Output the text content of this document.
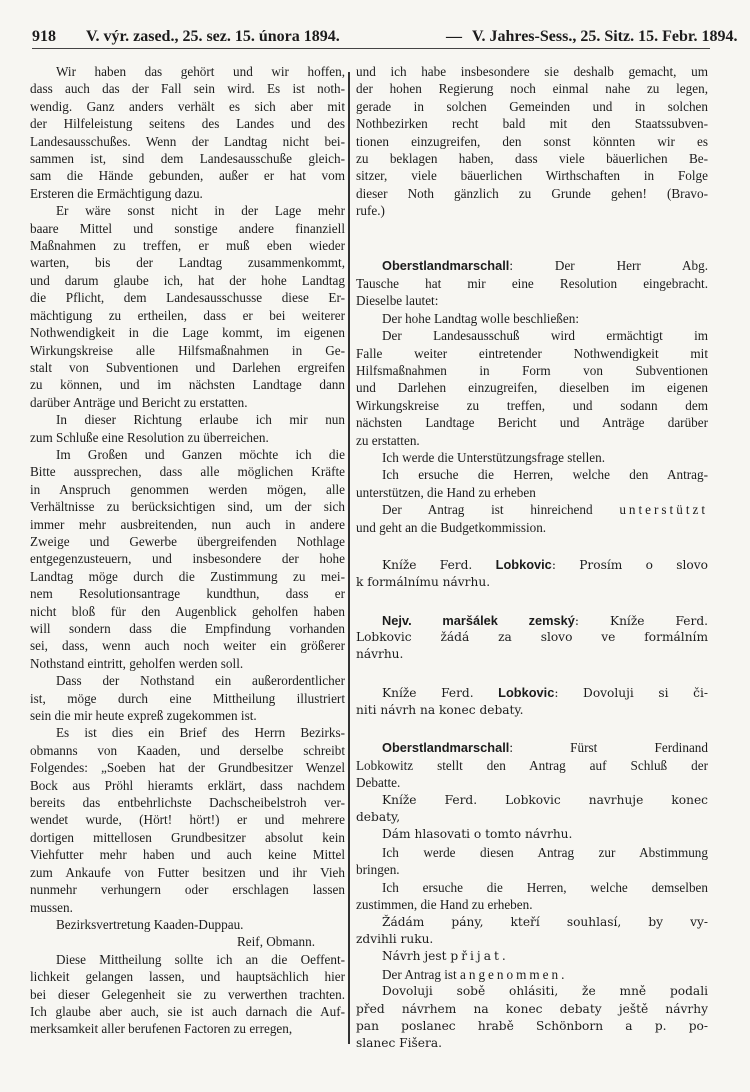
918 V. výr. zased., 25. sez. 15. února 1894.	— V. Jahres-Sess., 25. Sitz. 15. Febr. 1894.
Wir haben das gehört und wir hoffen,
dass auch das der Fall sein wird. Es ist noth-
wendig. Ganz anders verhält es sich aber mit
der Hilfeleistung seitens des Landes und des
Landesausschußes. Wenn der Landtag nicht bei-
sammen ist, sind dem Landesausschuße gleich-
sam die Hände gebunden, außer er hat vom
Ersteren die Ermächtigung dazu.
Er wäre sonst nicht in der Lage mehr
baare Mittel und sonstige andere finanziell
Maßnahmen zu treffen, er muß eben wieder
warten, bis der Landtag zusammenkommt,
und darum glaube ich, hat der hohe Landtag
die Pflicht, dem Landesausschusse diese Er-
mächtigung zu ertheilen, dass er bei weiterer
Nothwendigkeit in die Lage kommt, im eigenen
Wirkungskreise alle Hilfsmaßnahmen in Ge-
stalt von Subventionen und Darlehen ergreifen
zu können, und im nächsten Landtage dann
darüber Anträge und Bericht zu erstatten.
In dieser Richtung erlaube ich mir nun
zum Schluße eine Resolution zu überreichen.
Im Großen und Ganzen möchte ich die
Bitte aussprechen, dass alle möglichen Kräfte
in Anspruch genommen werden mögen, alle
Verhältnisse zu berücksichtigen sind, um der sich
immer mehr ausbreitenden, nun auch in andere
Zweige und Gewerbe übergreifenden Nothlage
entgegenzusteuern, und insbesondere der hohe
Landtag möge durch die Zustimmung zu mei-
nem Resolutionsantrage kundthun, dass er
nicht bloß für den Augenblick geholfen haben
will sondern dass die Empfindung vorhanden
sei, dass, wenn auch noch weiter ein größerer
Nothstand eintritt, geholfen werden soll.
Dass der Nothstand ein außerordentlicher
ist, möge durch eine Mittheilung illustriert
sein die mir heute expreß zugekommen ist.
Es ist dies ein Brief des Herrn Bezirks-
obmanns von Kaaden, und derselbe schreibt
Folgendes: „Soeben hat der Grundbesitzer Wenzel
Bock aus Pröhl hieramts erklärt, dass nachdem
bereits das entbehrlichste Dachscheibelstroh ver-
wendet wurde, (Hört! hört!) er und mehrere
dortigen mittellosen Grundbesitzer absolut kein
Viehfutter mehr haben und auch keine Mittel
zum Ankaufe von Futter besitzen und ihr Vieh
nunmehr verhungern oder erschlagen lassen
mussen.
Bezirksvertretung Kaaden-Duppau.
Reif, Obmann.
Diese Mittheilung sollte ich an die Oeffent-
lichkeit gelangen lassen, und hauptsächlich hier
bei dieser Gelegenheit sie zu verwerthen trachten.
Ich glaube aber auch, sie ist auch darnach die Auf-
merksamkeit aller berufenen Factoren zu erregen,
und ich habe insbesondere sie deshalb gemacht, um
der hohen Regierung noch einmal nahe zu legen,
gerade in solchen Gemeinden und in solchen
Nothbezirken recht bald mit den Staatssubven-
tionen einzugreifen, den sonst könnten wir es
zu beklagen haben, dass viele bäuerlichen Be-
sitzer, viele bäuerlichen Wirthschaften in Folge
dieser Noth gänzlich zu Grunde gehen! (Bravo-
rufe.)
Oberstlandmarschall: Der Herr Abg.
Tausche hat mir eine Resolution eingebracht.
Dieselbe lautet:
Der hohe Landtag wolle beschließen:
Der Landesausschuß wird ermächtigt im
Falle weiter eintretender Nothwendigkeit mit
Hilfsmaßnahmen in Form von Subventionen
und Darlehen einzugreifen, dieselben im eigenen
Wirkungskreise zu treffen, und sodann dem
nächsten Landtage Bericht und Anträge darüber
zu erstatten.
Ich werde die Unterstützungsfrage stellen.
Ich ersuche die Herren, welche den Antrag-
unterstützen, die Hand zu erheben
Der Antrag ist hinreichend unterstützt
und geht an die Budgetkommission.
Kníže Ferd. Lobkovic: Prosím o slovo
k formálnímu návrhu.
Nejv. maršálek zemský: Kníže Ferd.
Lobkovic žádá za slovo ve formálním
návrhu.
Kníže Ferd. Lobkovic: Dovoluji si či-
niti návrh na konec debaty.
Oberstlandmarschall: Fürst Ferdinand
Lobkowitz stellt den Antrag auf Schluß der
Debatte.
Kníže Ferd. Lobkovic navrhuje konec
debaty,
Dám hlasovati o tomto návrhu.
Ich werde diesen Antrag zur Abstimmung
bringen.
Ich ersuche die Herren, welche demselben
zustimmen, die Hand zu erheben.
Žádám pány, kteří souhlasí, by vy-
zdvihli ruku.
Návrh jest přijat.
Der Antrag ist angenommen.
Dovoluji sobě ohlásiti, že mně podali
před návrhem na konec debaty ještě návrhy
pan poslanec hrabě Schönborn a p. po-
slanec Fišera.
